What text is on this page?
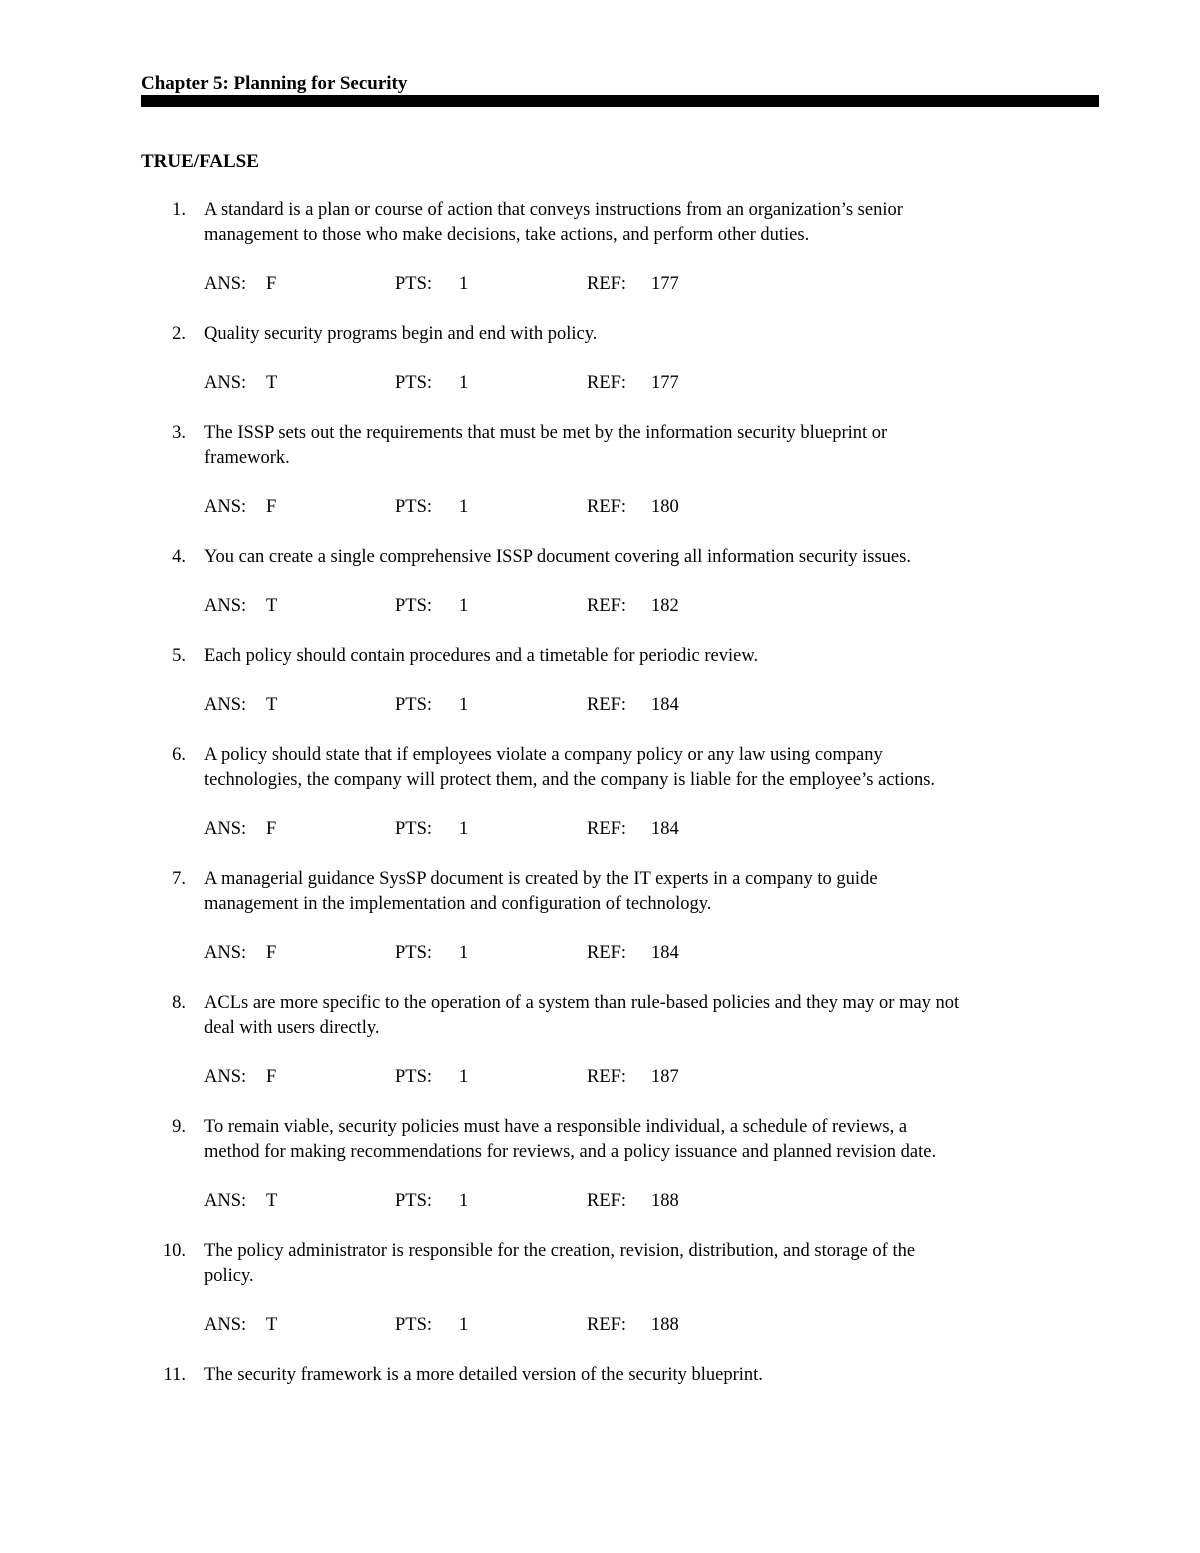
Chapter 5: Planning for Security
TRUE/FALSE
1. A standard is a plan or course of action that conveys instructions from an organization’s senior
management to those who make decisions, take actions, and perform other duties.
ANS: F	PTS: 1	REF: 177
2. Quality security programs begin and end with policy.
ANS: T	PTS: 1	REF: 177
3. The ISSP sets out the requirements that must be met by the information security blueprint or
framework.
ANS: F	PTS: 1	REF: 180
4. You can create a single comprehensive ISSP document covering all information security issues.
ANS: T	PTS: 1	REF: 182
5. Each policy should contain procedures and a timetable for periodic review.
ANS: T	PTS: 1	REF: 184
6. A policy should state that if employees violate a company policy or any law using company
technologies, the company will protect them, and the company is liable for the employee’s actions.
ANS: F	PTS: 1	REF: 184
7. A managerial guidance SysSP document is created by the IT experts in a company to guide
management in the implementation and configuration of technology.
ANS: F	PTS: 1	REF: 184
8. ACLs are more specific to the operation of a system than rule-based policies and they may or may not
deal with users directly.
ANS: F	PTS: 1	REF: 187
9. To remain viable, security policies must have a responsible individual, a schedule of reviews, a
method for making recommendations for reviews, and a policy issuance and planned revision date.
ANS: T	PTS: 1	REF: 188
10. The policy administrator is responsible for the creation, revision, distribution, and storage of the
policy.
ANS: T	PTS: 1	REF: 188
11. The security framework is a more detailed version of the security blueprint.
